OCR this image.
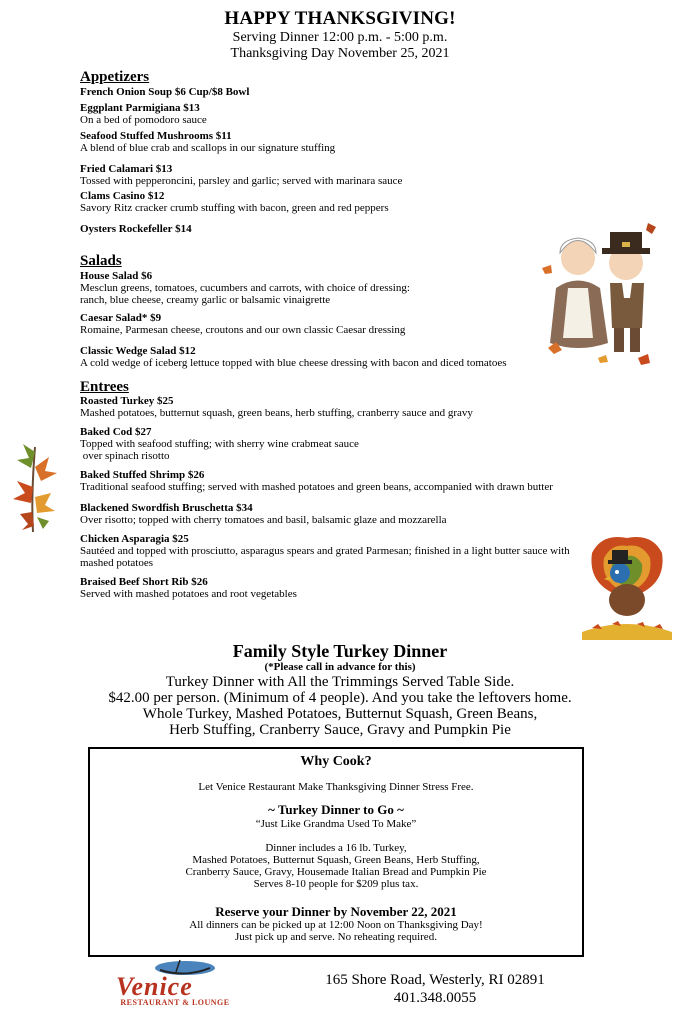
HAPPY THANKSGIVING!
Serving Dinner 12:00 p.m. - 5:00 p.m.
Thanksgiving Day November 25, 2021
Appetizers
French Onion Soup $6 Cup/$8 Bowl
Eggplant Parmigiana $13
On a bed of pomodoro sauce
Seafood Stuffed Mushrooms $11
A blend of blue crab and scallops in our signature stuffing
Fried Calamari $13
Tossed with pepperoncini, parsley and garlic; served with marinara sauce
Clams Casino $12
Savory Ritz cracker crumb stuffing with bacon, green and red peppers
Oysters Rockefeller $14
Salads
House Salad $6
Mesclun greens, tomatoes, cucumbers and carrots, with choice of dressing:
ranch, blue cheese, creamy garlic or balsamic vinaigrette
Caesar Salad* $9
Romaine, Parmesan cheese, croutons and our own classic Caesar dressing
Classic Wedge Salad $12
A cold wedge of iceberg lettuce topped with blue cheese dressing with bacon and diced tomatoes
Entrees
Roasted Turkey $25
Mashed potatoes, butternut squash, green beans, herb stuffing, cranberry sauce and gravy
Baked Cod $27
Topped with seafood stuffing; with sherry wine crabmeat sauce
over spinach risotto
Baked Stuffed Shrimp $26
Traditional seafood stuffing; served with mashed potatoes and green beans, accompanied with drawn butter
Blackened Swordfish Bruschetta $34
Over risotto; topped with cherry tomatoes and basil, balsamic glaze and mozzarella
Chicken Asparagia $25
Sautéed and topped with prosciutto, asparagus spears and grated Parmesan; finished in a light butter sauce with
mashed potatoes
Braised Beef Short Rib $26
Served with mashed potatoes and root vegetables
Family Style Turkey Dinner
(*Please call in advance for this)
Turkey Dinner with All the Trimmings Served Table Side.
$42.00 per person. (Minimum of 4 people). And you take the leftovers home.
Whole Turkey, Mashed Potatoes, Butternut Squash, Green Beans,
Herb Stuffing, Cranberry Sauce, Gravy and Pumpkin Pie
Why Cook?
Let Venice Restaurant Make Thanksgiving Dinner Stress Free.
~ Turkey Dinner to Go ~
“Just Like Grandma Used To Make”
Dinner includes a 16 lb. Turkey,
Mashed Potatoes, Butternut Squash, Green Beans, Herb Stuffing,
Cranberry Sauce, Gravy, Housemade Italian Bread and Pumpkin Pie
Serves 8-10 people for $209 plus tax.
Reserve your Dinner by November 22, 2021
All dinners can be picked up at 12:00 Noon on Thanksgiving Day!
Just pick up and serve. No reheating required.
Venice
RESTAURANT & LOUNGE
165 Shore Road, Westerly, RI 02891
401.348.0055
